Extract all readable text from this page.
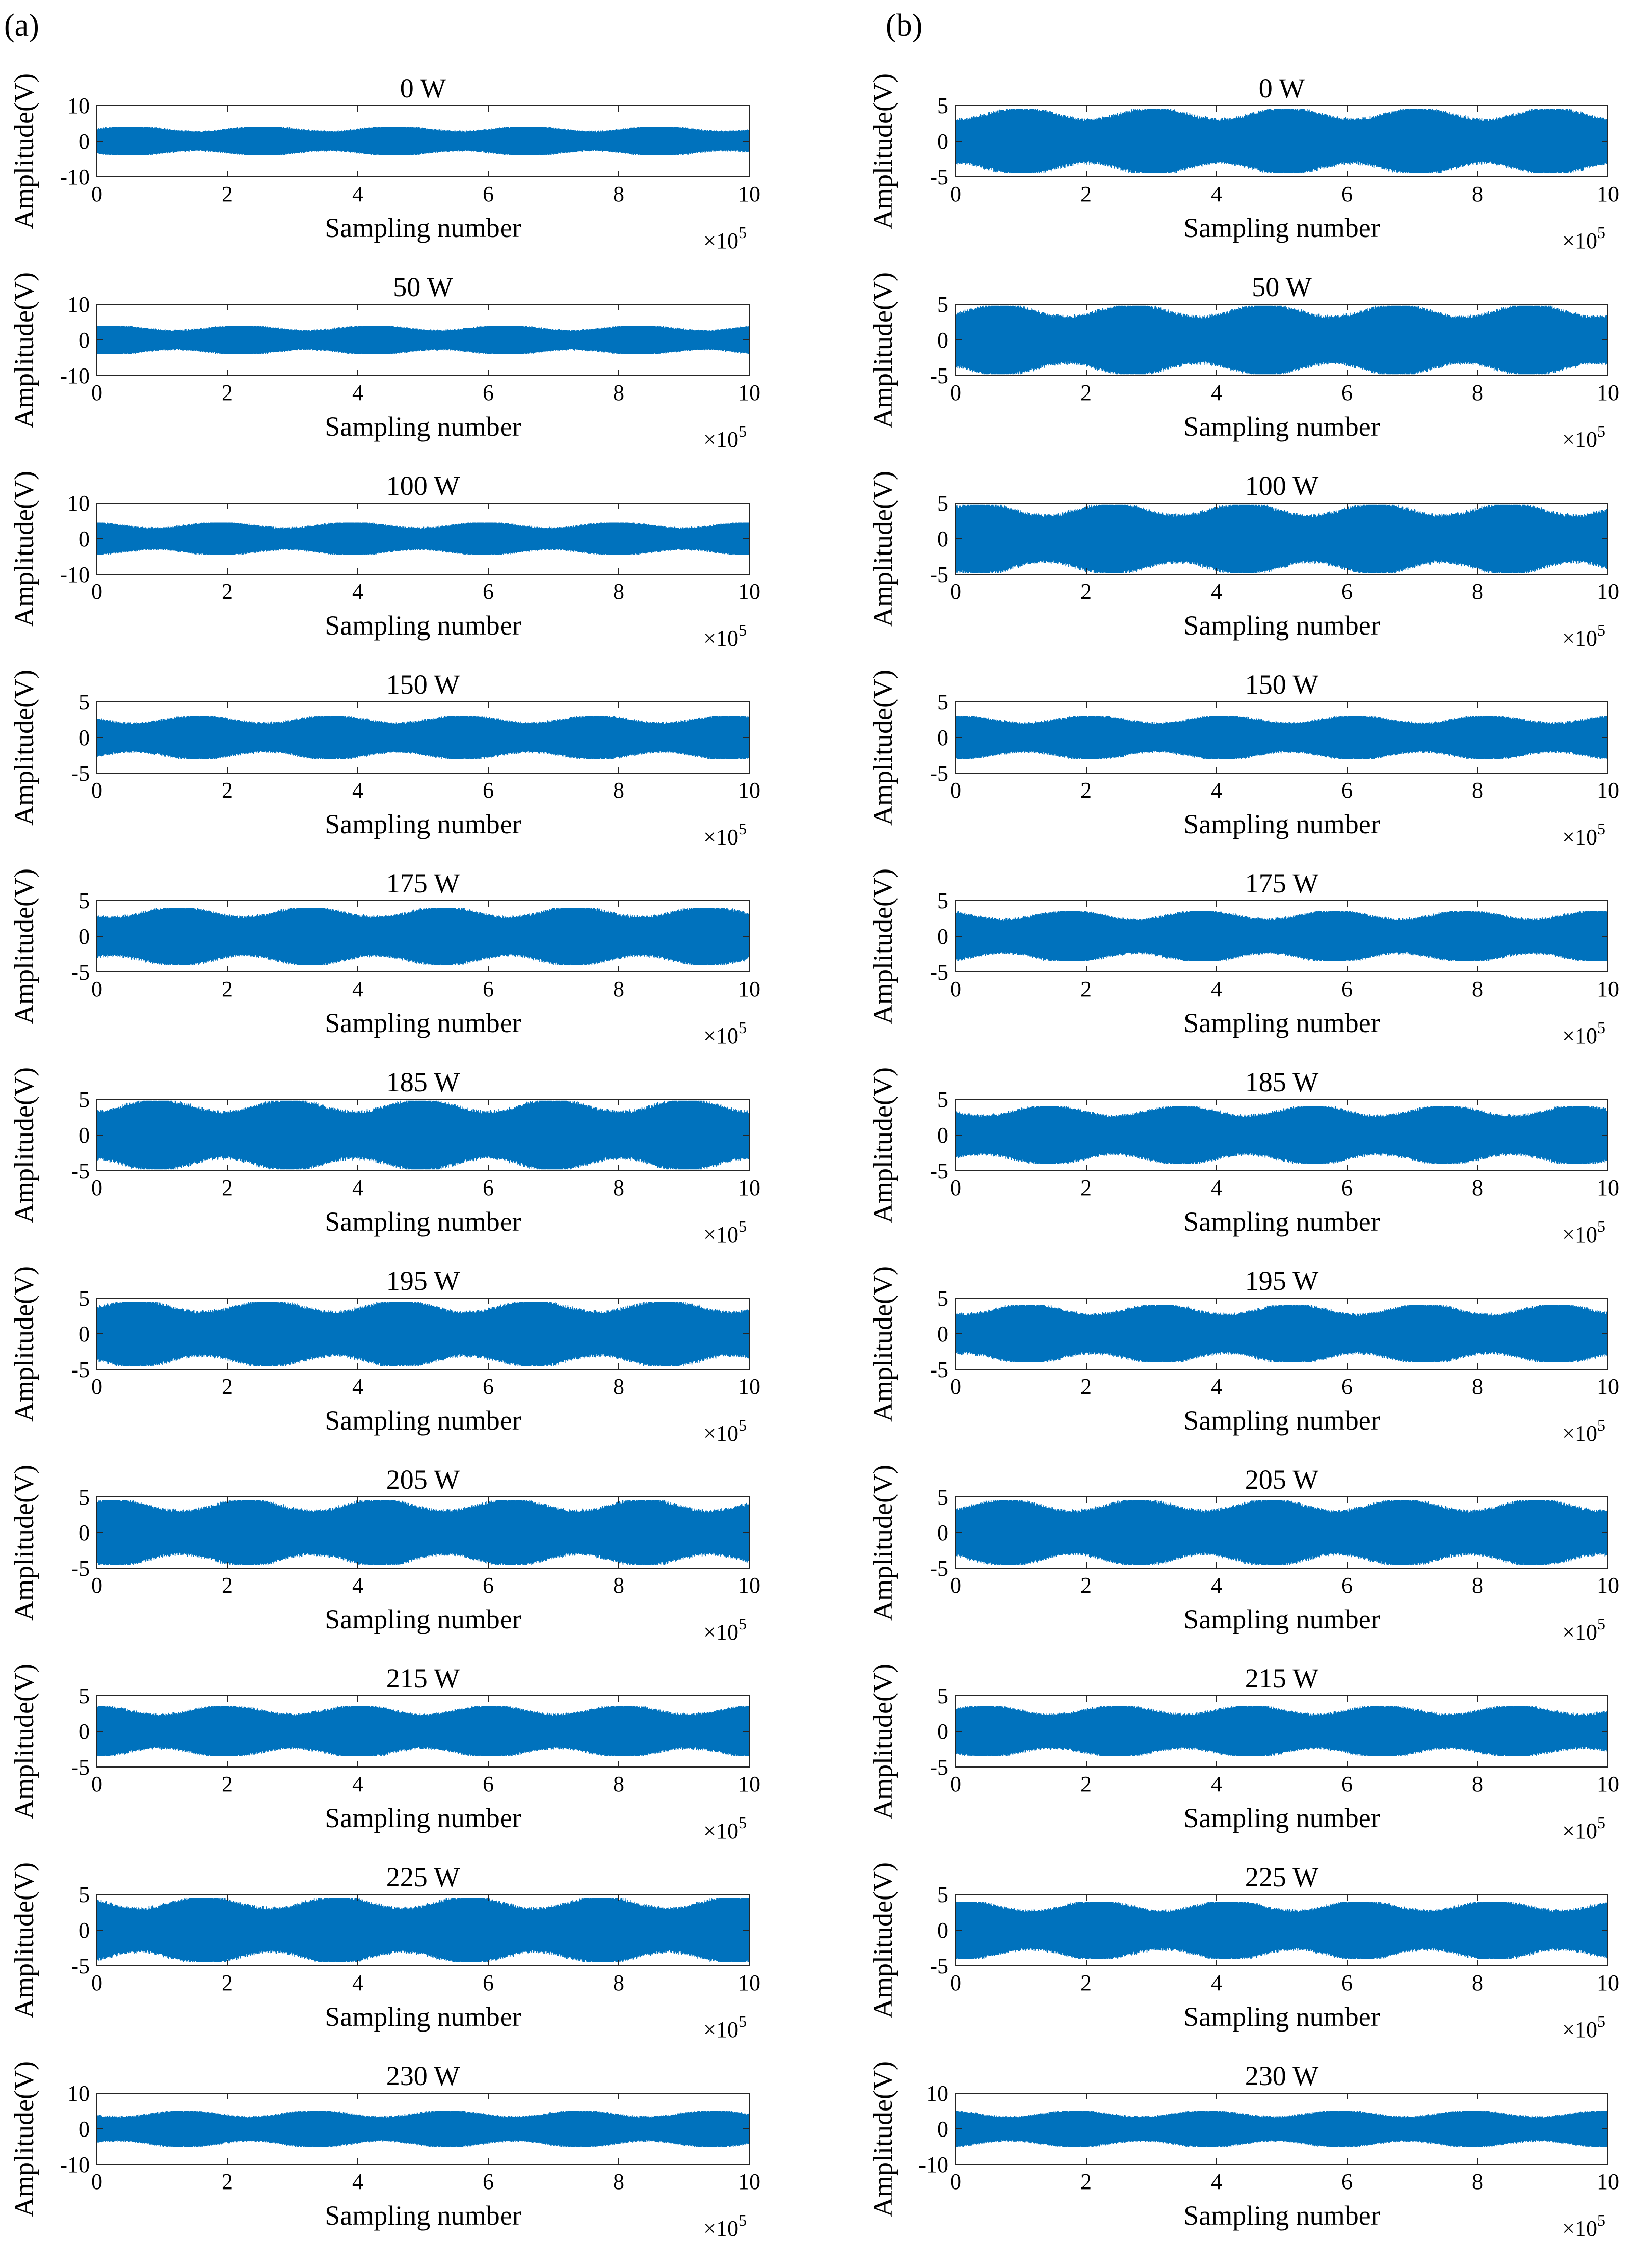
(a)	(b)
0 W
0	2	4	6	8	10
-10
0
10
Sampling number	$\times 10^5$
Amplitude(V)
50 W
0	2	4	6	8	10
-10
0
10
Sampling number	$\times 10^5$
Amplitude(V)
100 W
0	2	4	6	8	10
-10
0
10
Sampling number	$\times 10^5$
Amplitude(V)
150 W
0	2	4	6	8	10
-5
0
5
Sampling number	$\times 10^5$
Amplitude(V)
175 W
0	2	4	6	8	10
-5
0
5
Sampling number	$\times 10^5$
Amplitude(V)
185 W
0	2	4	6	8	10
-5
0
5
Sampling number	$\times 10^5$
Amplitude(V)
195 W
0	2	4	6	8	10
-5
0
5
Sampling number	$\times 10^5$
Amplitude(V)
205 W
0	2	4	6	8	10
-5
0
5
Sampling number	$\times 10^5$
Amplitude(V)
215 W
0	2	4	6	8	10
-5
0
5
Sampling number	$\times 10^5$
Amplitude(V)
225 W
0	2	4	6	8	10
-5
0
5
Sampling number	$\times 10^5$
Amplitude(V)
230 W
0	2	4	6	8	10
-10
0
10
Sampling number	$\times 10^5$
Amplitude(V)
0 W
0	2	4	6	8	10
-5
0
5
Sampling number	$\times 10^5$
Amplitude(V)
50 W
0	2	4	6	8	10
-5
0
5
Sampling number	$\times 10^5$
Amplitude(V)
100 W
0	2	4	6	8	10
-5
0
5
Sampling number	$\times 10^5$
Amplitude(V)
150 W
0	2	4	6	8	10
-5
0
5
Sampling number	$\times 10^5$
Amplitude(V)
175 W
0	2	4	6	8	10
-5
0
5
Sampling number	$\times 10^5$
Amplitude(V)
185 W
0	2	4	6	8	10
-5
0
5
Sampling number	$\times 10^5$
Amplitude(V)
195 W
0	2	4	6	8	10
-5
0
5
Sampling number	$\times 10^5$
Amplitude(V)
205 W
0	2	4	6	8	10
-5
0
5
Sampling number	$\times 10^5$
Amplitude(V)
215 W
0	2	4	6	8	10
-5
0
5
Sampling number	$\times 10^5$
Amplitude(V)
225 W
0	2	4	6	8	10
-5
0
5
Sampling number	$\times 10^5$
Amplitude(V)
230 W
0	2	4	6	8	10
-10
0
10
Sampling number	$\times 10^5$
Amplitude(V)
